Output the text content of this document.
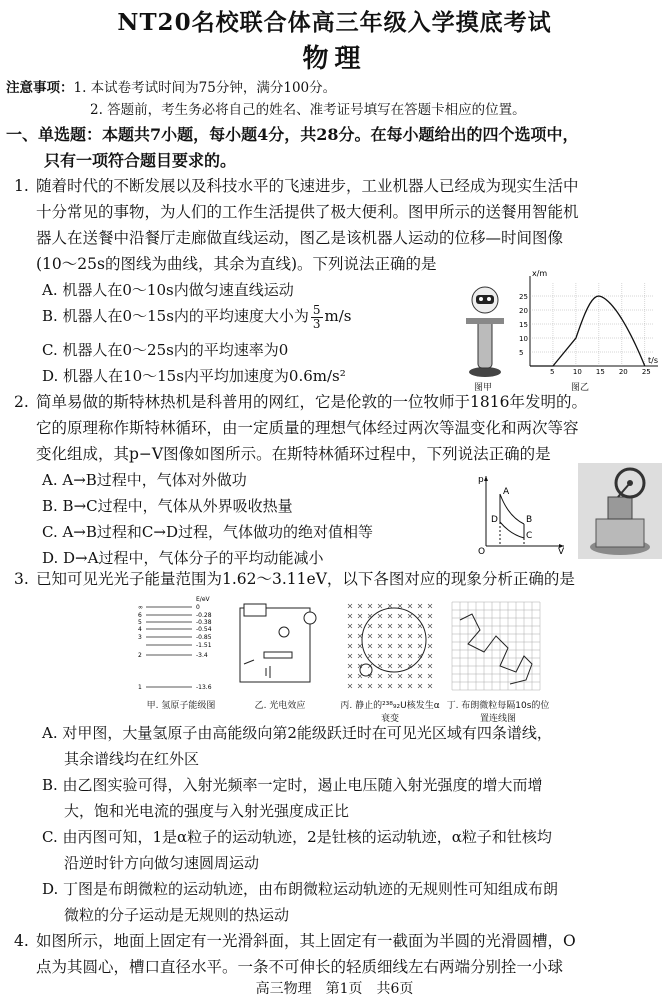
NT20名校联合体高三年级入学摸底考试
物理
注意事项：1. 本试卷考试时间为75分钟，满分100分。
2. 答题前，考生务必将自己的姓名、准考证号填写在答题卡相应的位置。
一、单选题：本题共7小题，每小题4分，共28分。在每小题给出的四个选项中，
只有一项符合题目要求的。
1. 随着时代的不断发展以及科技水平的飞速进步，工业机器人已经成为现实生活中
十分常见的事物，为人们的工作生活提供了极大便利。图甲所示的送餐用智能机
器人在送餐中沿餐厅走廊做直线运动，图乙是该机器人运动的位移—时间图像
(10～25s的图线为曲线，其余为直线)。下列说法正确的是
A. 机器人在0～10s内做匀速直线运动
B. 机器人在0～15s内的平均速度大小为 $\frac{5}{3} m/s$
C. 机器人在0～25s内的平均速率为0
D. 机器人在10～15s内平均加速度为0.6m/s²
图甲
5	10 15 20 25
5
10
15
20
25
x/m
t/s
图乙
2. 简单易做的斯特林热机是科普用的网红，它是伦敦的一位牧师于1816年发明的。
它的原理称作斯特林循环，由一定质量的理想气体经过两次等温变化和两次等容
变化组成，其p−V图像如图所示。在斯特林循环过程中，下列说法正确的是
A. A→B过程中，气体对外做功
B. B→C过程中，气体从外界吸收热量
C. A→B过程和C→D过程，气体做功的绝对值相等
D. D→A过程中，气体分子的平均动能减小
p
V
O
A
B
C
D
3. 已知可见光光子能量范围为1.62～3.11eV，以下各图对应的现象分析正确的是
E/eV
∞	0
6	-0.28
5	-0.38
4	-0.54
3	-0.85
-1.51
2	-3.4
1	-13.6
甲. 氢原子能级图	乙. 光电效应	丙. 静止的²³⁸₉₂U核发生α衰变
丁. 布朗微粒每隔10s的位置连线图
A. 对甲图，大量氢原子由高能级向第2能级跃迁时在可见光区域有四条谱线，
其余谱线均在红外区
B. 由乙图实验可得，入射光频率一定时，遏止电压随入射光强度的增大而增
大，饱和光电流的强度与入射光强度成正比
C. 由丙图可知，1是α粒子的运动轨迹，2是钍核的运动轨迹，α粒子和钍核均
沿逆时针方向做匀速圆周运动
D. 丁图是布朗微粒的运动轨迹，由布朗微粒运动轨迹的无规则性可知组成布朗
微粒的分子运动是无规则的热运动
4. 如图所示，地面上固定有一光滑斜面，其上固定有一截面为半圆的光滑圆槽，O
点为其圆心，槽口直径水平。一条不可伸长的轻质细线左右两端分别拴一小球
高三物理　第1页　共6页
